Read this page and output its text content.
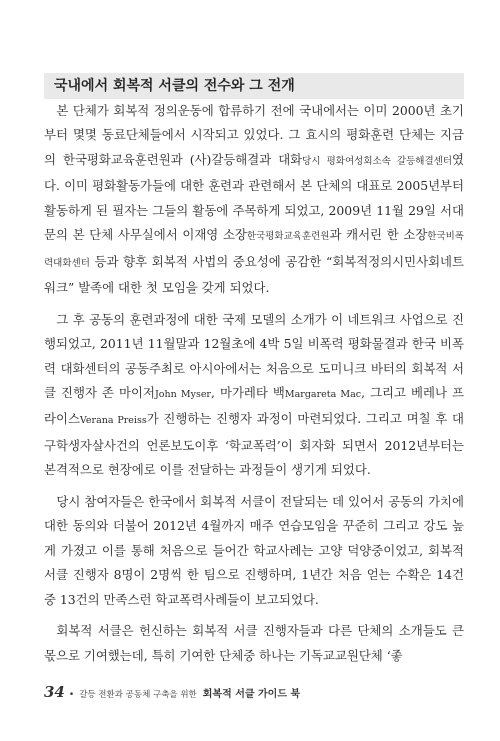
국내에서 회복적 서클의 전수와 그 전개

본 단체가 회복적 정의운동에 합류하기 전에 국내에서는 이미 2000년 초기부터 몇몇 동료단체들에서 시작되고 있었다. 그 효시의 평화훈련 단체는 지금의 한국평화교육훈련원과 (사)갈등해결과 대화당시 평화여성회소속 갈등해결센터였다. 이미 평화활동가들에 대한 훈련과 관련해서 본 단체의 대표로 2005년부터 활동하게 된 필자는 그들의 활동에 주목하게 되었고, 2009년 11월 29일 서대문의 본 단체 사무실에서 이재영 소장한국평화교육훈련원과 캐서린 한 소장한국비폭력대화센터 등과 향후 회복적 사법의 중요성에 공감한 “회복적정의시민사회네트워크” 발족에 대한 첫 모임을 갖게 되었다.

그 후 공동의 훈련과정에 대한 국제 모델의 소개가 이 네트워크 사업으로 진행되었고, 2011년 11월말과 12월초에 4박 5일 비폭력 평화물결과 한국 비폭력 대화센터의 공동주최로 아시아에서는 처음으로 도미니크 바터의 회복적 서클 진행자 존 마이저John Myser, 마가레타 백Margareta Mac, 그리고 베레나 프라이스Verana Preiss가 진행하는 진행자 과정이 마련되었다. 그리고 며칠 후 대구학생자살사건의 언론보도이후 ‘학교폭력’이 회자화 되면서 2012년부터는 본격적으로 현장에로 이를 전달하는 과정들이 생기게 되었다.

당시 참여자들은 한국에서 회복적 서클이 전달되는 데 있어서 공동의 가치에 대한 동의와 더불어 2012년 4월까지 매주 연습모임을 꾸준히 그리고 강도 높게 가졌고 이를 통해 처음으로 들어간 학교사례는 고양 덕양중이었고, 회복적서클 진행자 8명이 2명씩 한 팀으로 진행하며, 1년간 처음 얻는 수확은 14건중 13건의 만족스런 학교폭력사례들이 보고되었다.

회복적 서클은 헌신하는 회복적 서클 진행자들과 다른 단체의 소개들도 큰 몫으로 기여했는데, 특히 기여한 단체중 하나는 기독교교원단체 ‘좋

34 • 갈등 전환과 공동체 구축을 위한 회복적 서클 가이드 북
